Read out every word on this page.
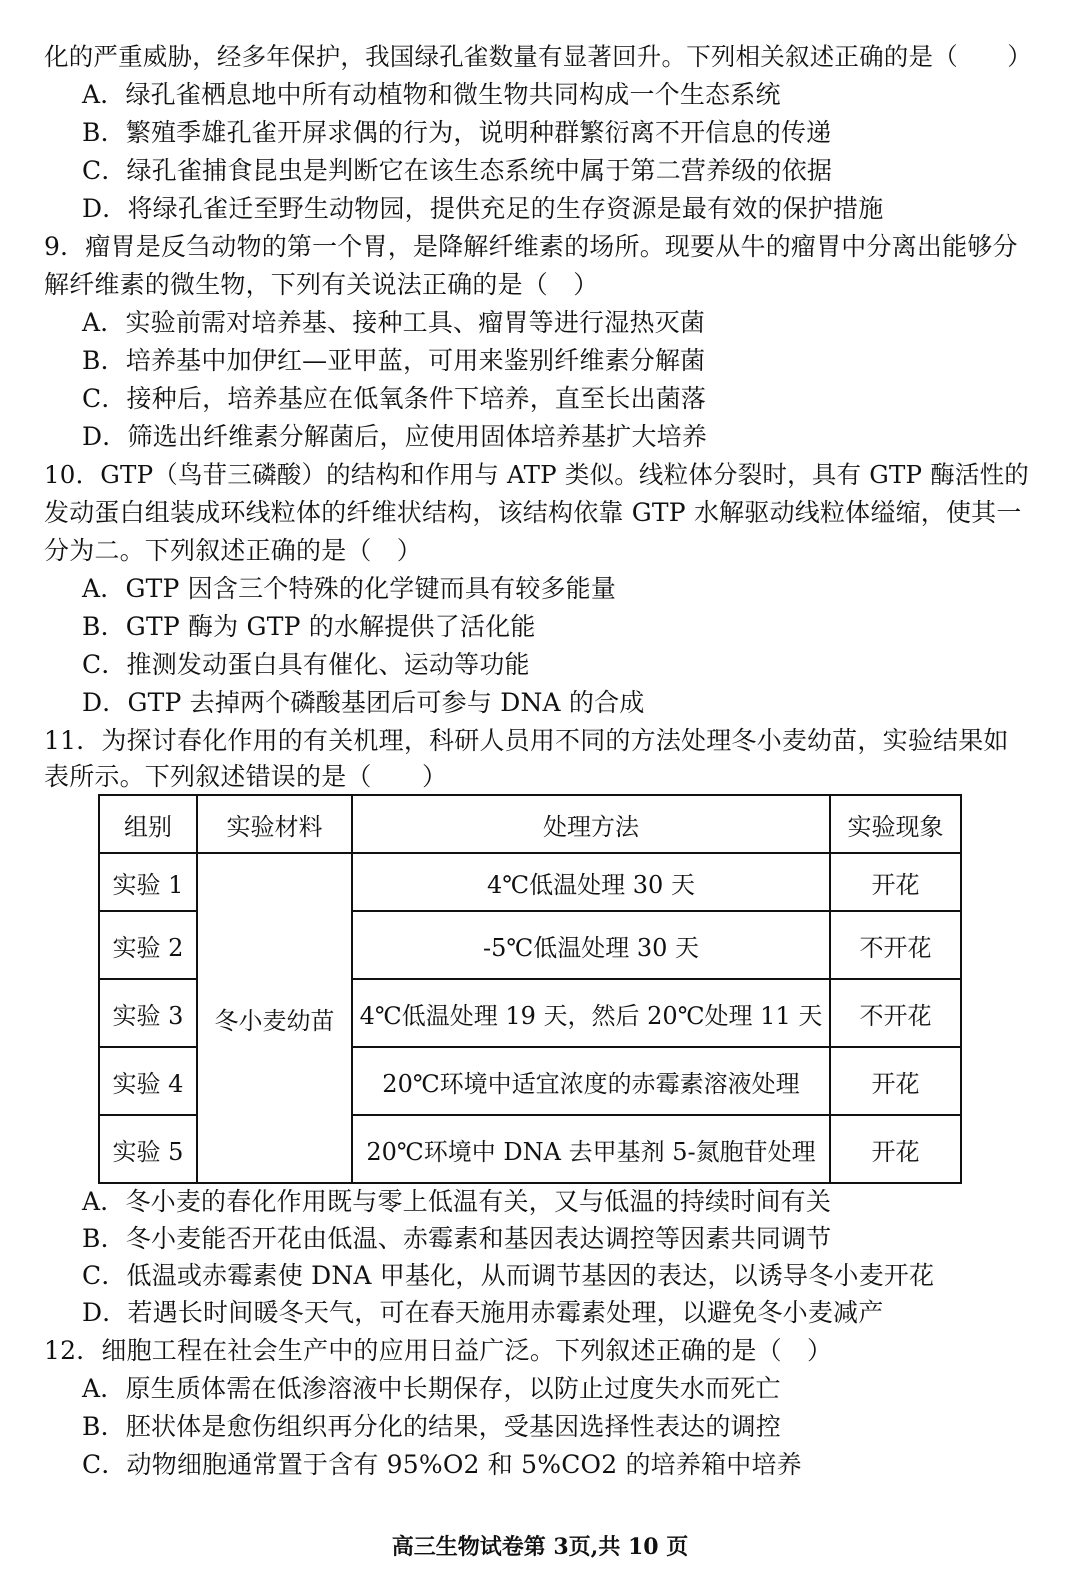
化的严重威胁，经多年保护，我国绿孔雀数量有显著回升。下列相关叙述正确的是（　　）
A．绿孔雀栖息地中所有动植物和微生物共同构成一个生态系统
B．繁殖季雄孔雀开屏求偶的行为，说明种群繁衍离不开信息的传递
C．绿孔雀捕食昆虫是判断它在该生态系统中属于第二营养级的依据
D．将绿孔雀迁至野生动物园，提供充足的生存资源是最有效的保护措施
9．瘤胃是反刍动物的第一个胃，是降解纤维素的场所。现要从牛的瘤胃中分离出能够分
解纤维素的微生物，下列有关说法正确的是（　）
A．实验前需对培养基、接种工具、瘤胃等进行湿热灭菌
B．培养基中加伊红—亚甲蓝，可用来鉴别纤维素分解菌
C．接种后，培养基应在低氧条件下培养，直至长出菌落
D．筛选出纤维素分解菌后，应使用固体培养基扩大培养
10．GTP（鸟苷三磷酸）的结构和作用与 ATP 类似。线粒体分裂时，具有 GTP 酶活性的
发动蛋白组装成环线粒体的纤维状结构，该结构依靠 GTP 水解驱动线粒体缢缩，使其一
分为二。下列叙述正确的是（　）
A．GTP 因含三个特殊的化学键而具有较多能量
B．GTP 酶为 GTP 的水解提供了活化能
C．推测发动蛋白具有催化、运动等功能
D．GTP 去掉两个磷酸基团后可参与 DNA 的合成
11．为探讨春化作用的有关机理，科研人员用不同的方法处理冬小麦幼苗，实验结果如
表所示。下列叙述错误的是（　　）
组别	实验材料	处理方法	实验现象
实验 1	冬小麦幼苗	4℃低温处理 30 天	开花
实验 2		-5℃低温处理 30 天	不开花
实验 3		4℃低温处理 19 天，然后 20℃处理 11 天	不开花
实验 4		20℃环境中适宜浓度的赤霉素溶液处理	开花
实验 5		20℃环境中 DNA 去甲基剂 5-氮胞苷处理	开花
A．冬小麦的春化作用既与零上低温有关，又与低温的持续时间有关
B．冬小麦能否开花由低温、赤霉素和基因表达调控等因素共同调节
C．低温或赤霉素使 DNA 甲基化，从而调节基因的表达，以诱导冬小麦开花
D．若遇长时间暖冬天气，可在春天施用赤霉素处理，以避免冬小麦减产
12．细胞工程在社会生产中的应用日益广泛。下列叙述正确的是（　）
A．原生质体需在低渗溶液中长期保存，以防止过度失水而死亡
B．胚状体是愈伤组织再分化的结果，受基因选择性表达的调控
C．动物细胞通常置于含有 95%O2 和 5%CO2 的培养箱中培养
高三生物试卷第 3页,共 10 页
